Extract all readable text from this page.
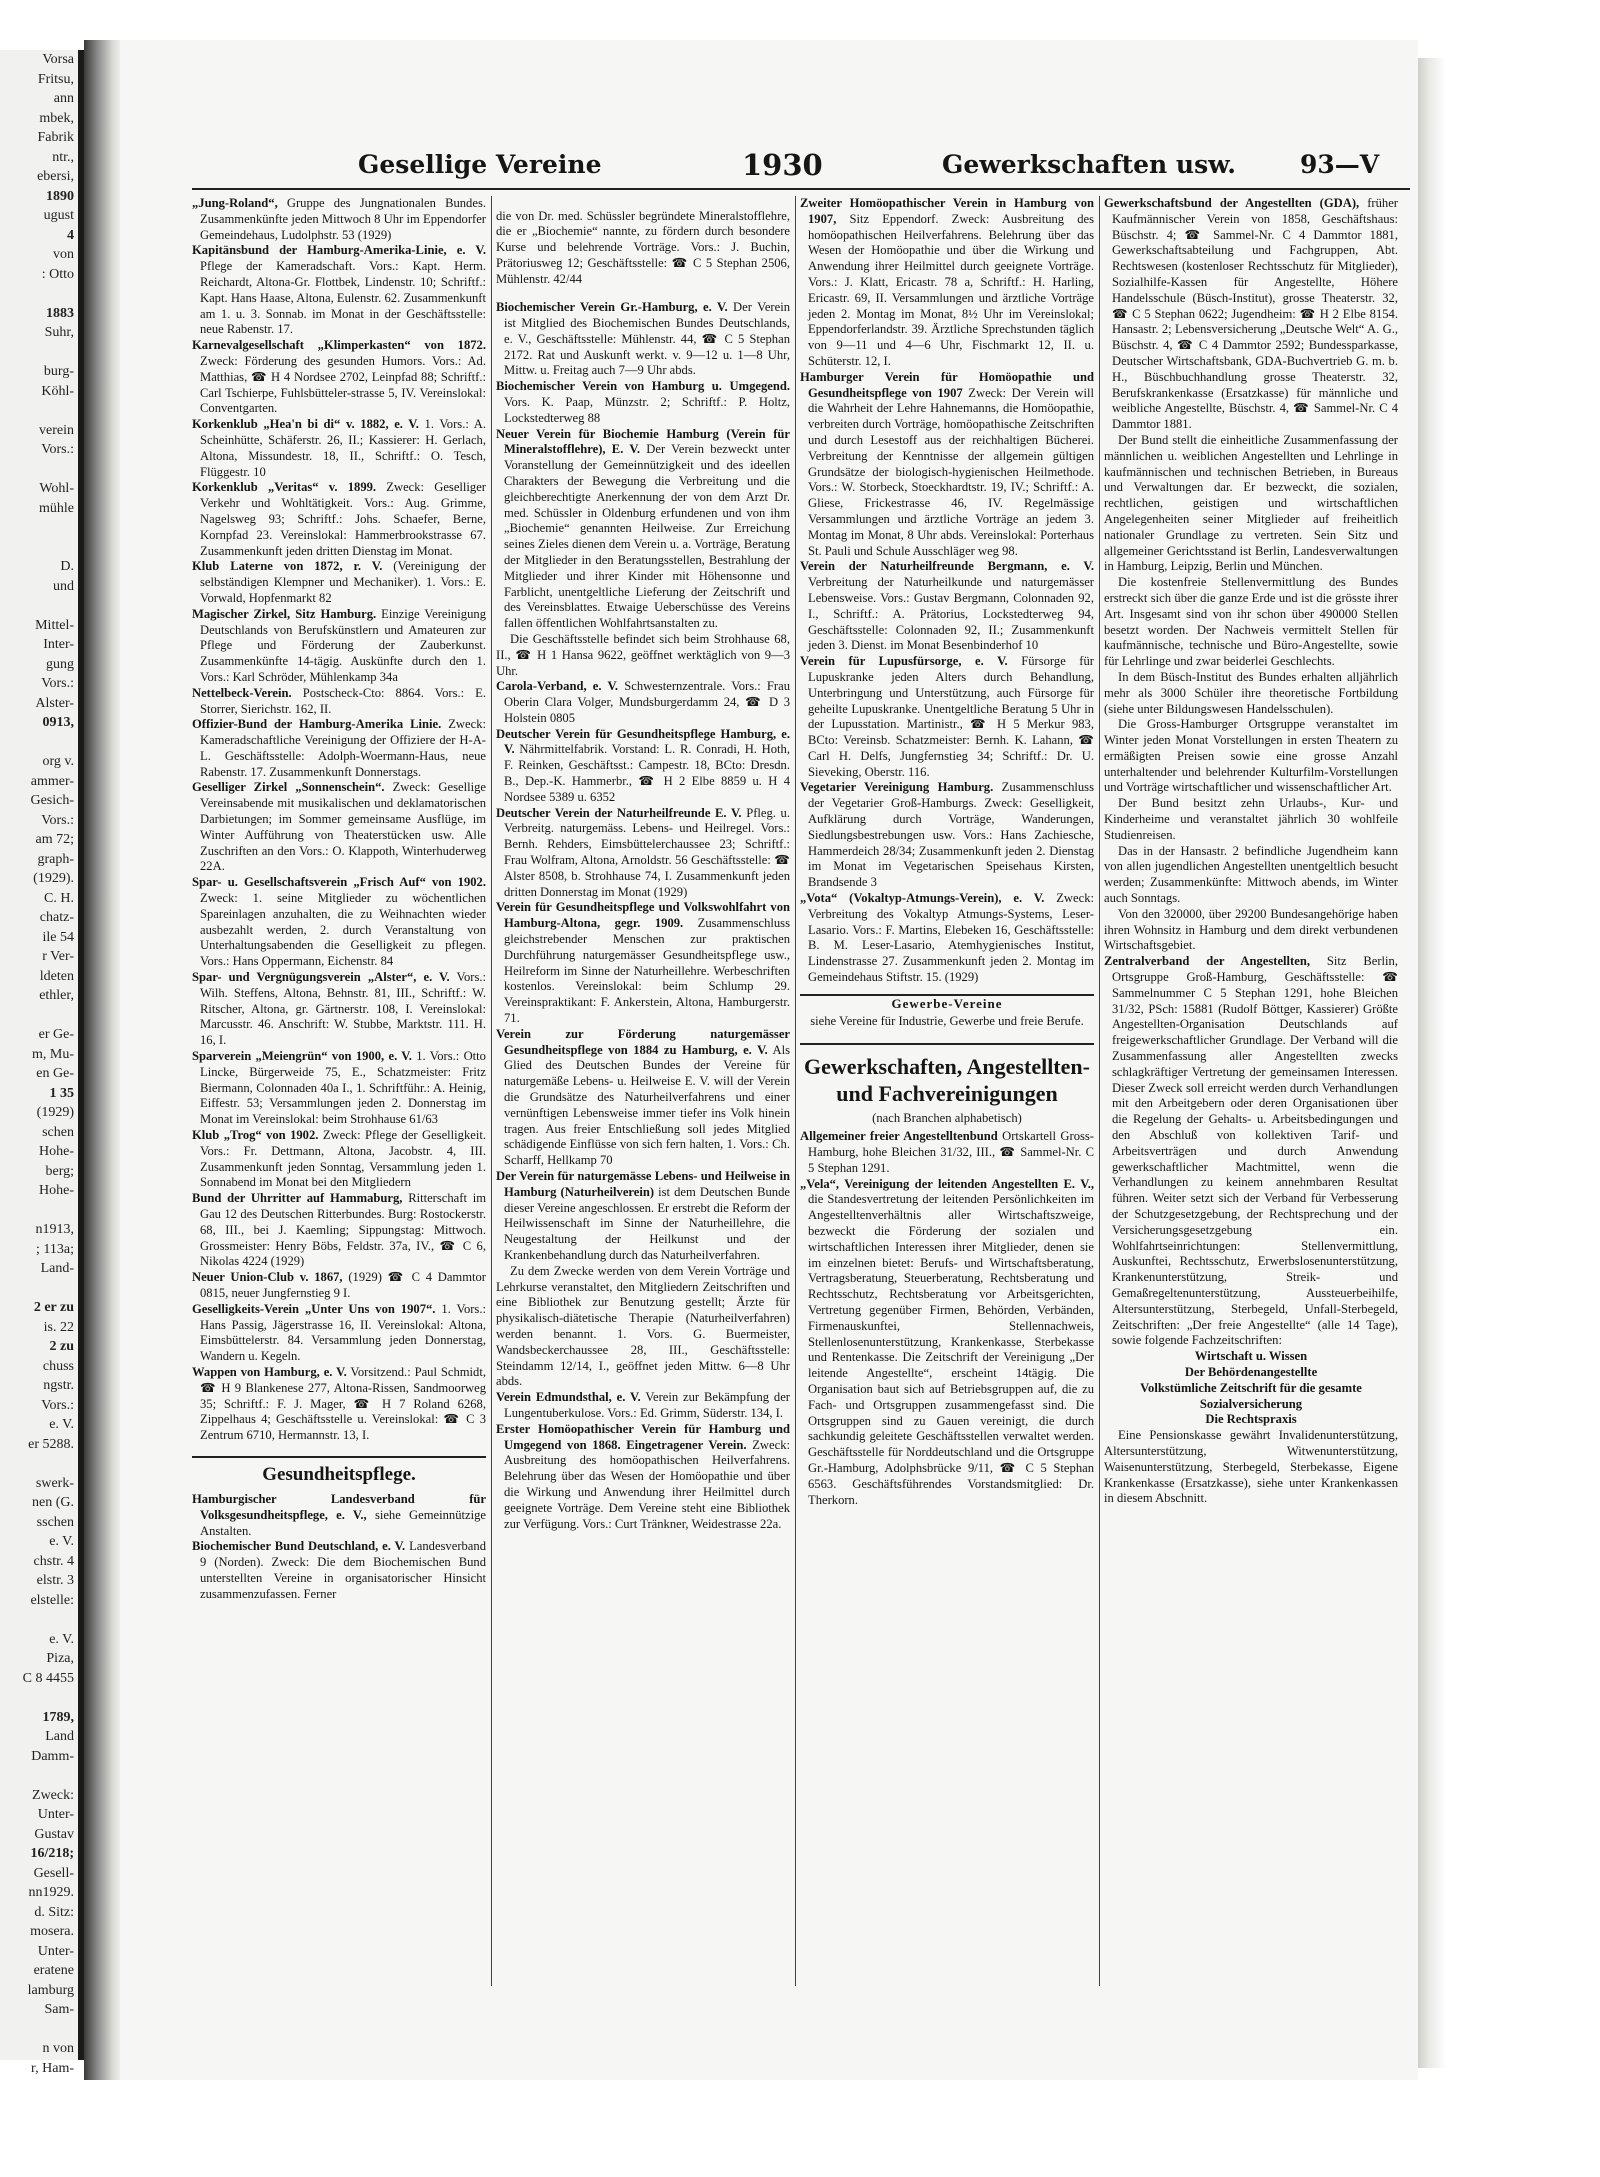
Vorsa
Fritsu,
ann
mbek,
Fabrik
ntr.,
ebersi,
1890
ugust
4
von
: Otto

1883
Suhr,

burg-
Köhl-

verein
Vors.:

Wohl-
mühle

D.
und

Mittel-
Inter-
gung
Vors.:
Alster-
0913,

org v.
ammer-
Gesich-
Vors.:
am 72;
graph-
(1929).
C. H.
chatz-
ile 54
r Ver-
ldeten
ethler,

er Ge-
m, Mu-
en Ge-
1 35
(1929)
schen
Hohe-
berg;
Hohe-

n1913,
; 113a;
Land-

2 er zu
is. 22
2 zu
chuss
ngstr.
Vors.:
e. V.
er 5288.

swerk-
nen (G.
sschen
e. V.
chstr. 4
elstr. 3
elstelle:

e. V.
Piza,
C 8 4455

1789,
Land
Damm-

Zweck:
Unter-
Gustav
16/218;
Gesell-
nn1929.
d. Sitz:
mosera.
Unter-
eratene
lamburg
Sam-

n von
r, Ham-
Gesellige Vereine	1930	Gewerkschaften usw.	93—V

„Jung-Roland“, Gruppe des Jungnationalen Bundes. Zusammenkünfte jeden Mittwoch 8 Uhr im Eppendorfer Gemeindehaus, Ludolphstr. 53 (1929)

Kapitänsbund der Hamburg-Amerika-Linie, e. V. Pflege der Kameradschaft. Vors.: Kapt. Herm. Reichardt, Altona-Gr. Flottbek, Lindenstr. 10; Schriftf.: Kapt. Hans Haase, Altona, Eulenstr. 62. Zusammenkunft am 1. u. 3. Sonnab. im Monat in der Geschäftsstelle: neue Rabenstr. 17.

Karnevalgesellschaft „Klimperkasten“ von 1872. Zweck: Förderung des gesunden Humors. Vors.: Ad. Matthias, ☎ H 4 Nordsee 2702, Leinpfad 88; Schriftf.: Carl Tschierpe, Fuhlsbütteler-strasse 5, IV. Vereinslokal: Conventgarten.

Korkenklub „Hea'n bi di“ v. 1882, e. V. 1. Vors.: A. Scheinhütte, Schäferstr. 26, II.; Kassierer: H. Gerlach, Altona, Missundestr. 18, II., Schriftf.: O. Tesch, Flüggestr. 10

Korkenklub „Veritas“ v. 1899. Zweck: Geselliger Verkehr und Wohltätigkeit. Vors.: Aug. Grimme, Nagelsweg 93; Schriftf.: Johs. Schaefer, Berne, Kornpfad 23. Vereinslokal: Hammerbrookstrasse 67. Zusammenkunft jeden dritten Dienstag im Monat.

Klub Laterne von 1872, r. V. (Vereinigung der selbständigen Klempner und Mechaniker). 1. Vors.: E. Vorwald, Hopfenmarkt 82

Magischer Zirkel, Sitz Hamburg. Einzige Vereinigung Deutschlands von Berufskünstlern und Amateuren zur Pflege und Förderung der Zauberkunst. Zusammenkünfte 14-tägig. Auskünfte durch den 1. Vors.: Karl Schröder, Mühlenkamp 34a

Nettelbeck-Verein. Postscheck-Cto: 8864. Vors.: E. Storrer, Sierichstr. 162, II.

Offizier-Bund der Hamburg-Amerika Linie. Zweck: Kameradschaftliche Vereinigung der Offiziere der H-A-L. Geschäftsstelle: Adolph-Woermann-Haus, neue Rabenstr. 17. Zusammenkunft Donnerstags.

Geselliger Zirkel „Sonnenschein“. Zweck: Gesellige Vereinsabende mit musikalischen und deklamatorischen Darbietungen; im Sommer gemeinsame Ausflüge, im Winter Aufführung von Theaterstücken usw. Alle Zuschriften an den Vors.: O. Klappoth, Winterhuderweg 22A.

Spar- u. Gesellschaftsverein „Frisch Auf“ von 1902. Zweck: 1. seine Mitglieder zu wöchentlichen Spareinlagen anzuhalten, die zu Weihnachten wieder ausbezahlt werden, 2. durch Veranstaltung von Unterhaltungsabenden die Geselligkeit zu pflegen. Vors.: Hans Oppermann, Eichenstr. 84

Spar- und Vergnügungsverein „Alster“, e. V. Vors.: Wilh. Steffens, Altona, Behnstr. 81, III., Schriftf.: W. Ritscher, Altona, gr. Gärtnerstr. 108, I. Vereinslokal: Marcusstr. 46. Anschrift: W. Stubbe, Marktstr. 111. H. 16, I.

Sparverein „Meiengrün“ von 1900, e. V. 1. Vors.: Otto Lincke, Bürgerweide 75, E., Schatzmeister: Fritz Biermann, Colonnaden 40a I., 1. Schriftführ.: A. Heinig, Eiffestr. 53; Versammlungen jeden 2. Donnerstag im Monat im Vereinslokal: beim Strohhause 61/63

Klub „Trog“ von 1902. Zweck: Pflege der Geselligkeit. Vors.: Fr. Dettmann, Altona, Jacobstr. 4, III. Zusammenkunft jeden Sonntag, Versammlung jeden 1. Sonnabend im Monat bei den Mitgliedern

Bund der Uhrritter auf Hammaburg, Ritterschaft im Gau 12 des Deutschen Ritterbundes. Burg: Rostockerstr. 68, III., bei J. Kaemling; Sippungstag: Mittwoch. Grossmeister: Henry Böbs, Feldstr. 37a, IV., ☎ C 6, Nikolas 4224 (1929)

Neuer Union-Club v. 1867, (1929) ☎ C 4 Dammtor 0815, neuer Jungfernstieg 9 I.

Geselligkeits-Verein „Unter Uns von 1907“. 1. Vors.: Hans Passig, Jägerstrasse 16, II. Vereinslokal: Altona, Eimsbüttelerstr. 84. Versammlung jeden Donnerstag, Wandern u. Kegeln.

Wappen von Hamburg, e. V. Vorsitzend.: Paul Schmidt, ☎ H 9 Blankenese 277, Altona-Rissen, Sandmoorweg 35; Schriftf.: F. J. Mager, ☎ H 7 Roland 6268, Zippelhaus 4; Geschäftsstelle u. Vereinslokal: ☎ C 3 Zentrum 6710, Hermannstr. 13, I.

Gesundheitspflege.

Hamburgischer Landesverband für Volksgesundheitspflege, e. V., siehe Gemeinnützige Anstalten.

Biochemischer Bund Deutschland, e. V. Landesverband 9 (Norden). Zweck: Die dem Biochemischen Bund unterstellten Vereine in organisatorischer Hinsicht zusammenzufassen. Ferner

die von Dr. med. Schüssler begründete Mineralstofflehre, die er „Biochemie“ nannte, zu fördern durch besondere Kurse und belehrende Vorträge. Vors.: J. Buchin, Prätoriusweg 12; Geschäftsstelle: ☎ C 5 Stephan 2506, Mühlenstr. 42/44

Biochemischer Verein Gr.-Hamburg, e. V. Der Verein ist Mitglied des Biochemischen Bundes Deutschlands, e. V., Geschäftsstelle: Mühlenstr. 44, ☎ C 5 Stephan 2172. Rat und Auskunft werkt. v. 9—12 u. 1—8 Uhr, Mittw. u. Freitag auch 7—9 Uhr abds.

Biochemischer Verein von Hamburg u. Umgegend. Vors. K. Paap, Münzstr. 2; Schriftf.: P. Holtz, Lockstedterweg 88

Neuer Verein für Biochemie Hamburg (Verein für Mineralstofflehre), E. V. Der Verein bezweckt unter Voranstellung der Gemeinnützigkeit und des ideellen Charakters der Bewegung die Verbreitung und die gleichberechtigte Anerkennung der von dem Arzt Dr. med. Schüssler in Oldenburg erfundenen und von ihm „Biochemie“ genannten Heilweise. Zur Erreichung seines Zieles dienen dem Verein u. a. Vorträge, Beratung der Mitglieder in den Beratungsstellen, Bestrahlung der Mitglieder und ihrer Kinder mit Höhensonne und Farblicht, unentgeltliche Lieferung der Zeitschrift und des Vereinsblattes. Etwaige Ueberschüsse des Vereins fallen öffentlichen Wohlfahrtsanstalten zu.

Die Geschäftsstelle befindet sich beim Strohhause 68, II., ☎ H 1 Hansa 9622, geöffnet werktäglich von 9—3 Uhr.

Carola-Verband, e. V. Schwesternzentrale. Vors.: Frau Oberin Clara Volger, Mundsburgerdamm 24, ☎ D 3 Holstein 0805

Deutscher Verein für Gesundheitspflege Hamburg, e. V. Nährmittelfabrik. Vorstand: L. R. Conradi, H. Hoth, F. Reinken, Geschäftsst.: Campestr. 18, BCto: Dresdn. B., Dep.-K. Hammerbr., ☎ H 2 Elbe 8859 u. H 4 Nordsee 5389 u. 6352

Deutscher Verein der Naturheilfreunde E. V. Pfleg. u. Verbreitg. naturgemäss. Lebens- und Heilregel. Vors.: Bernh. Rehders, Eimsbüttelerchaussee 23; Schriftf.: Frau Wolfram, Altona, Arnoldstr. 56 Geschäftsstelle: ☎ Alster 8508, b. Strohhause 74, I. Zusammenkunft jeden dritten Donnerstag im Monat (1929)

Verein für Gesundheitspflege und Volkswohlfahrt von Hamburg-Altona, gegr. 1909. Zusammenschluss gleichstrebender Menschen zur praktischen Durchführung naturgemässer Gesundheitspflege usw., Heilreform im Sinne der Naturheillehre. Werbeschriften kostenlos. Vereinslokal: beim Schlump 29. Vereinspraktikant: F. Ankerstein, Altona, Hamburgerstr. 71.

Verein zur Förderung naturgemässer Gesundheitspflege von 1884 zu Hamburg, e. V. Als Glied des Deutschen Bundes der Vereine für naturgemäße Lebens- u. Heilweise E. V. will der Verein die Grundsätze des Naturheilverfahrens und einer vernünftigen Lebensweise immer tiefer ins Volk hinein tragen. Aus freier Entschließung soll jedes Mitglied schädigende Einflüsse von sich fern halten, 1. Vors.: Ch. Scharff, Hellkamp 70

Der Verein für naturgemässe Lebens- und Heilweise in Hamburg (Naturheilverein) ist dem Deutschen Bunde dieser Vereine angeschlossen. Er erstrebt die Reform der Heilwissenschaft im Sinne der Naturheillehre, die Neugestaltung der Heilkunst und der Krankenbehandlung durch das Naturheilverfahren.

Zu dem Zwecke werden von dem Verein Vorträge und Lehrkurse veranstaltet, den Mitgliedern Zeitschriften und eine Bibliothek zur Benutzung gestellt; Ärzte für physikalisch-diätetische Therapie (Naturheilverfahren) werden benannt. 1. Vors. G. Buermeister, Wandsbeckerchaussee 28, III., Geschäftsstelle: Steindamm 12/14, I., geöffnet jeden Mittw. 6—8 Uhr abds.

Verein Edmundsthal, e. V. Verein zur Bekämpfung der Lungentuberkulose. Vors.: Ed. Grimm, Süderstr. 134, I.

Erster Homöopathischer Verein für Hamburg und Umgegend von 1868. Eingetragener Verein. Zweck: Ausbreitung des homöopathischen Heilverfahrens. Belehrung über das Wesen der Homöopathie und über die Wirkung und Anwendung ihrer Heilmittel durch geeignete Vorträge. Dem Vereine steht eine Bibliothek zur Verfügung. Vors.: Curt Tränkner, Weidestrasse 22a.

Zweiter Homöopathischer Verein in Hamburg von 1907, Sitz Eppendorf. Zweck: Ausbreitung des homöopathischen Heilverfahrens. Belehrung über das Wesen der Homöopathie und über die Wirkung und Anwendung ihrer Heilmittel durch geeignete Vorträge. Vors.: J. Klatt, Ericastr. 78 a, Schriftf.: H. Harling, Ericastr. 69, II. Versammlungen und ärztliche Vorträge jeden 2. Montag im Monat, 8½ Uhr im Vereinslokal; Eppendorferlandstr. 39. Ärztliche Sprechstunden täglich von 9—11 und 4—6 Uhr, Fischmarkt 12, II. u. Schüterstr. 12, I.

Hamburger Verein für Homöopathie und Gesundheitspflege von 1907 Zweck: Der Verein will die Wahrheit der Lehre Hahnemanns, die Homöopathie, verbreiten durch Vorträge, homöopathische Zeitschriften und durch Lesestoff aus der reichhaltigen Bücherei. Verbreitung der Kenntnisse der allgemein gültigen Grundsätze der biologisch-hygienischen Heilmethode. Vors.: W. Storbeck, Stoeckhardtstr. 19, IV.; Schriftf.: A. Gliese, Frickestrasse 46, IV. Regelmässige Versammlungen und ärztliche Vorträge an jedem 3. Montag im Monat, 8 Uhr abds. Vereinslokal: Porterhaus St. Pauli und Schule Ausschläger weg 98.

Verein der Naturheilfreunde Bergmann, e. V. Verbreitung der Naturheilkunde und naturgemässer Lebensweise. Vors.: Gustav Bergmann, Colonnaden 92, I., Schriftf.: A. Prätorius, Lockstedterweg 94, Geschäftsstelle: Colonnaden 92, II.; Zusammenkunft jeden 3. Dienst. im Monat Besenbinderhof 10

Verein für Lupusfürsorge, e. V. Fürsorge für Lupuskranke jeden Alters durch Behandlung, Unterbringung und Unterstützung, auch Fürsorge für geheilte Lupuskranke. Unentgeltliche Beratung 5 Uhr in der Lupusstation. Martinistr., ☎ H 5 Merkur 983, BCto: Vereinsb. Schatzmeister: Bernh. K. Lahann, ☎ Carl H. Delfs, Jungfernstieg 34; Schriftf.: Dr. U. Sieveking, Oberstr. 116.

Vegetarier Vereinigung Hamburg. Zusammenschluss der Vegetarier Groß-Hamburgs. Zweck: Geselligkeit, Aufklärung durch Vorträge, Wanderungen, Siedlungsbestrebungen usw. Vors.: Hans Zachiesche, Hammerdeich 28/34; Zusammenkunft jeden 2. Dienstag im Monat im Vegetarischen Speisehaus Kirsten, Brandsende 3

„Vota“ (Vokaltyp-Atmungs-Verein), e. V. Zweck: Verbreitung des Vokaltyp Atmungs-Systems, Leser-Lasario. Vors.: F. Martins, Elebeken 16, Geschäftsstelle: B. M. Leser-Lasario, Atemhygienisches Institut, Lindenstrasse 27. Zusammenkunft jeden 2. Montag im Gemeindehaus Stiftstr. 15. (1929)

Gewerbe-Vereine

siehe Vereine für Industrie, Gewerbe und freie Berufe.

Gewerkschaften, Angestellten- und Fachvereinigungen

(nach Branchen alphabetisch)

Allgemeiner freier Angestelltenbund Ortskartell Gross-Hamburg, hohe Bleichen 31/32, III., ☎ Sammel-Nr. C 5 Stephan 1291.

„Vela“, Vereinigung der leitenden Angestellten E. V., die Standesvertretung der leitenden Persönlichkeiten im Angestelltenverhältnis aller Wirtschaftszweige, bezweckt die Förderung der sozialen und wirtschaftlichen Interessen ihrer Mitglieder, denen sie im einzelnen bietet: Berufs- und Wirtschaftsberatung, Vertragsberatung, Steuerberatung, Rechtsberatung und Rechtsschutz, Rechtsberatung vor Arbeitsgerichten, Vertretung gegenüber Firmen, Behörden, Verbänden, Firmenauskunftei, Stellennachweis, Stellenlosenunterstützung, Krankenkasse, Sterbekasse und Rentenkasse. Die Zeitschrift der Vereinigung „Der leitende Angestellte“, erscheint 14tägig. Die Organisation baut sich auf Betriebsgruppen auf, die zu Fach- und Ortsgruppen zusammengefasst sind. Die Ortsgruppen sind zu Gauen vereinigt, die durch sachkundig geleitete Geschäftsstellen verwaltet werden. Geschäftsstelle für Norddeutschland und die Ortsgruppe Gr.-Hamburg, Adolphsbrücke 9/11, ☎ C 5 Stephan 6563. Geschäftsführendes Vorstandsmitglied: Dr. Therkorn.

Gewerkschaftsbund der Angestellten (GDA), früher Kaufmännischer Verein von 1858, Geschäftshaus: Büschstr. 4; ☎ Sammel-Nr. C 4 Dammtor 1881, Gewerkschaftsabteilung und Fachgruppen, Abt. Rechtswesen (kostenloser Rechtsschutz für Mitglieder), Sozialhilfe-Kassen für Angestellte, Höhere Handelsschule (Büsch-Institut), grosse Theaterstr. 32, ☎ C 5 Stephan 0622; Jugendheim: ☎ H 2 Elbe 8154. Hansastr. 2; Lebensversicherung „Deutsche Welt“ A. G., Büschstr. 4, ☎ C 4 Dammtor 2592; Bundessparkasse, Deutscher Wirtschaftsbank, GDA-Buchvertrieb G. m. b. H., Büschbuchhandlung grosse Theaterstr. 32, Berufskrankenkasse (Ersatzkasse) für männliche und weibliche Angestellte, Büschstr. 4, ☎ Sammel-Nr. C 4 Dammtor 1881.

Der Bund stellt die einheitliche Zusammenfassung der männlichen u. weiblichen Angestellten und Lehrlinge in kaufmännischen und technischen Betrieben, in Bureaus und Verwaltungen dar. Er bezweckt, die sozialen, rechtlichen, geistigen und wirtschaftlichen Angelegenheiten seiner Mitglieder auf freiheitlich nationaler Grundlage zu vertreten. Sein Sitz und allgemeiner Gerichtsstand ist Berlin, Landesverwaltungen in Hamburg, Leipzig, Berlin und München.

Die kostenfreie Stellenvermittlung des Bundes erstreckt sich über die ganze Erde und ist die grösste ihrer Art. Insgesamt sind von ihr schon über 490000 Stellen besetzt worden. Der Nachweis vermittelt Stellen für kaufmännische, technische und Büro-Angestellte, sowie für Lehrlinge und zwar beiderlei Geschlechts.

In dem Büsch-Institut des Bundes erhalten alljährlich mehr als 3000 Schüler ihre theoretische Fortbildung (siehe unter Bildungswesen Handelsschulen).

Die Gross-Hamburger Ortsgruppe veranstaltet im Winter jeden Monat Vorstellungen in ersten Theatern zu ermäßigten Preisen sowie eine grosse Anzahl unterhaltender und belehrender Kulturfilm-Vorstellungen und Vorträge wirtschaftlicher und wissenschaftlicher Art.

Der Bund besitzt zehn Urlaubs-, Kur- und Kinderheime und veranstaltet jährlich 30 wohlfeile Studienreisen.

Das in der Hansastr. 2 befindliche Jugendheim kann von allen jugendlichen Angestellten unentgeltlich besucht werden; Zusammenkünfte: Mittwoch abends, im Winter auch Sonntags.

Von den 320000, über 29200 Bundesangehörige haben ihren Wohnsitz in Hamburg und dem direkt verbundenen Wirtschaftsgebiet.

Zentralverband der Angestellten, Sitz Berlin, Ortsgruppe Groß-Hamburg, Geschäftsstelle: ☎ Sammelnummer C 5 Stephan 1291, hohe Bleichen 31/32, PSch: 15881 (Rudolf Böttger, Kassierer) Größte Angestellten-Organisation Deutschlands auf freigewerkschaftlicher Grundlage. Der Verband will die Zusammenfassung aller Angestellten zwecks schlagkräftiger Vertretung der gemeinsamen Interessen. Dieser Zweck soll erreicht werden durch Verhandlungen mit den Arbeitgebern oder deren Organisationen über die Regelung der Gehalts- u. Arbeitsbedingungen und den Abschluß von kollektiven Tarif- und Arbeitsverträgen und durch Anwendung gewerkschaftlicher Machtmittel, wenn die Verhandlungen zu keinem annehmbaren Resultat führen. Weiter setzt sich der Verband für Verbesserung der Schutzgesetzgebung, der Rechtsprechung und der Versicherungsgesetzgebung ein. Wohlfahrtseinrichtungen: Stellenvermittlung, Auskunftei, Rechtsschutz, Erwerbslosenunterstützung, Krankenunterstützung, Streik- und Gemaßregeltenunterstützung, Aussteuerbeihilfe, Altersunterstützung, Sterbegeld, Unfall-Sterbegeld, Zeitschriften: „Der freie Angestellte“ (alle 14 Tage), sowie folgende Fachzeitschriften:

Wirtschaft u. Wissen

Der Behördenangestellte

Volkstümliche Zeitschrift für die gesamte Sozialversicherung

Die Rechtspraxis

Eine Pensionskasse gewährt Invalidenunterstützung, Altersunterstützung, Witwenunterstützung, Waisenunterstützung, Sterbegeld, Sterbekasse, Eigene Krankenkasse (Ersatzkasse), siehe unter Krankenkassen in diesem Abschnitt.
